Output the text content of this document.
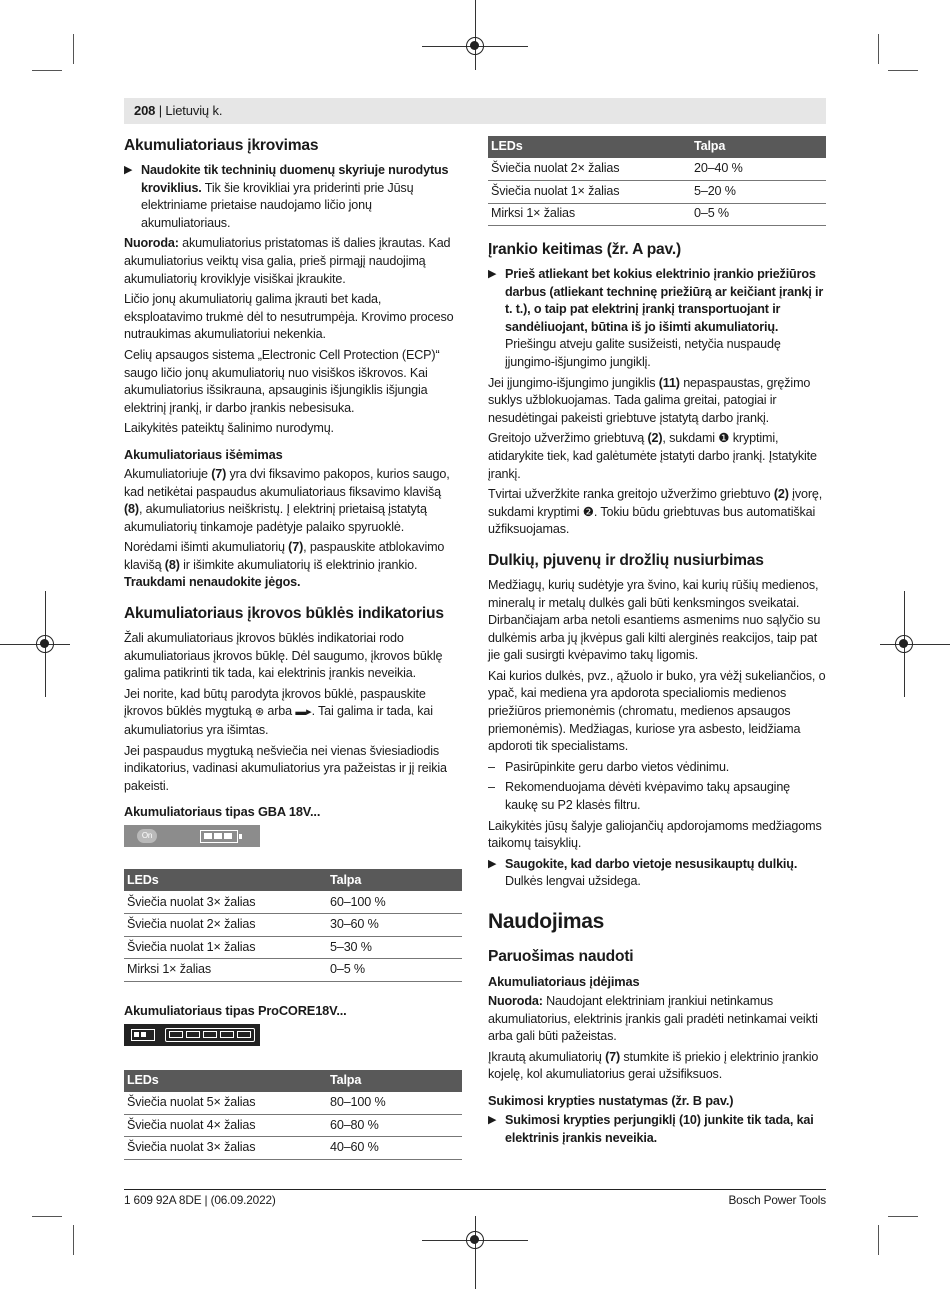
208 | Lietuvių k.
Akumuliatoriaus įkrovimas
▶ Naudokite tik techninių duomenų skyriuje nurodytus kroviklius. Tik šie krovikliai yra priderinti prie Jūsų elektriniame prietaise naudojamo ličio jonų akumuliatoriaus.

Nuoroda: akumuliatorius pristatomas iš dalies įkrautas. Kad akumuliatorius veiktų visa galia, prieš pirmąjį naudojimą akumuliatorių kroviklyje visiškai įkraukite.

Ličio jonų akumuliatorių galima įkrauti bet kada, eksploatavimo trukmė dėl to nesutrumpėja. Krovimo proceso nutraukimas akumuliatoriui nekenkia.

Celių apsaugos sistema „Electronic Cell Protection (ECP)“ saugo ličio jonų akumuliatorių nuo visiškos iškrovos. Kai akumuliatorius išsikrauna, apsauginis išjungiklis išjungia elektrinį įrankį, ir darbo įrankis nebesisuka.

Laikykitės pateiktų šalinimo nurodymų.

Akumuliatoriaus išėmimas

Akumuliatoriuje (7) yra dvi fiksavimo pakopos, kurios saugo, kad netikėtai paspaudus akumuliatoriaus fiksavimo klavišą (8), akumuliatorius neiškristų. Į elektrinį prietaisą įstatytą akumuliatorių tinkamoje padėtyje palaiko spyruoklė.

Norėdami išimti akumuliatorių (7), paspauskite atblokavimo klavišą (8) ir išimkite akumuliatorių iš elektrinio įrankio.
Traukdami nenaudokite jėgos.

Akumuliatoriaus įkrovos būklės indikatorius

Žali akumuliatoriaus įkrovos būklės indikatoriai rodo akumuliatoriaus įkrovos būklę. Dėl saugumo, įkrovos būklę galima patikrinti tik tada, kai elektrinis įrankis neveikia.

Jei norite, kad būtų parodyta įkrovos būklė, paspauskite įkrovos būklės mygtuką ⊛ arba ▬▸. Tai galima ir tada, kai akumuliatorius yra išimtas.

Jei paspaudus mygtuką nešviečia nei vienas šviesiadiodis indikatorius, vadinasi akumuliatorius yra pažeistas ir jį reikia pakeisti.

Akumuliatoriaus tipas GBA 18V...
On
LEDs	Talpa
Šviečia nuolat 3× žalias	60–100 %
Šviečia nuolat 2× žalias	30–60 %
Šviečia nuolat 1× žalias	5–30 %
Mirksi 1× žalias	0–5 %
Akumuliatoriaus tipas ProCORE18V...
LEDs	Talpa
Šviečia nuolat 5× žalias	80–100 %
Šviečia nuolat 4× žalias	60–80 %
Šviečia nuolat 3× žalias	40–60 %
LEDs	Talpa
Šviečia nuolat 2× žalias	20–40 %
Šviečia nuolat 1× žalias	5–20 %
Mirksi 1× žalias	0–5 %
Įrankio keitimas (žr. A pav.)
▶ Prieš atliekant bet kokius elektrinio įrankio priežiūros darbus (atliekant techninę priežiūrą ar keičiant įrankį ir t. t.), o taip pat elektrinį įrankį transportuojant ir sandėliuojant, būtina iš jo išimti akumuliatorių. Priešingu atveju galite susižeisti, netyčia nuspaudę įjungimo-išjungimo jungiklį.

Jei įjungimo-išjungimo jungiklis (11) nepaspaustas, gręžimo suklys užblokuojamas. Tada galima greitai, patogiai ir nesudėtingai pakeisti griebtuve įstatytą darbo įrankį.

Greitojo užveržimo griebtuvą (2), sukdami ❶ kryptimi, atidarykite tiek, kad galėtumėte įstatyti darbo įrankį. Įstatykite įrankį.

Tvirtai užveržkite ranka greitojo užveržimo griebtuvo (2) įvorę, sukdami kryptimi ❷. Tokiu būdu griebtuvas bus automatiškai užfiksuojamas.

Dulkių, pjuvenų ir drožlių nusiurbimas

Medžiagų, kurių sudėtyje yra švino, kai kurių rūšių medienos, mineralų ir metalų dulkės gali būti kenksmingos sveikatai. Dirbančiajam arba netoli esantiems asmenims nuo sąlyčio su dulkėmis arba jų įkvėpus gali kilti alerginės reakcijos, taip pat jie gali susirgti kvėpavimo takų ligomis.

Kai kurios dulkės, pvz., ąžuolo ir buko, yra vėžį sukeliančios, o ypač, kai mediena yra apdorota specialiomis medienos priežiūros priemonėmis (chromatu, medienos apsaugos priemonėmis). Medžiagas, kuriose yra asbesto, leidžiama apdoroti tik specialistams.

– Pasirūpinkite geru darbo vietos vėdinimu.
– Rekomenduojama dėvėti kvėpavimo takų apsauginę kaukę su P2 klasės filtru.

Laikykitės jūsų šalyje galiojančių apdorojamoms medžiagoms taikomų taisyklių.

▶ Saugokite, kad darbo vietoje nesusikauptų dulkių. Dulkės lengvai užsidega.
Naudojimas
Paruošimas naudoti
Akumuliatoriaus įdėjimas

Nuoroda: Naudojant elektriniam įrankiui netinkamus akumuliatorius, elektrinis įrankis gali pradėti netinkamai veikti arba gali būti pažeistas.

Įkrautą akumuliatorių (7) stumkite iš priekio į elektrinio įrankio kojelę, kol akumuliatorius gerai užsifiksuos.

Sukimosi krypties nustatymas (žr. B pav.)
▶ Sukimosi krypties perjungiklį (10) junkite tik tada, kai elektrinis įrankis neveikia.
1 609 92A 8DE | (06.09.2022)	Bosch Power Tools
